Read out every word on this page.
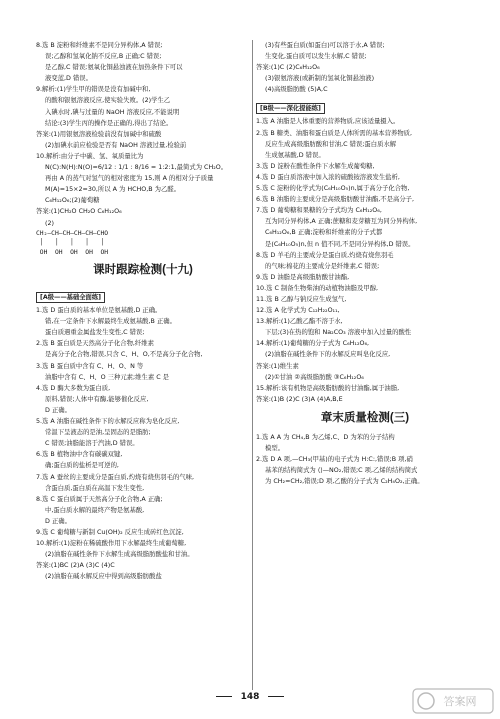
8.选 B 淀粉和纤维素不是同分异构体,A 错误;
误;乙醇和氢氧化钠不反应,B 正确;C 错误;
是乙醇,C 错误;氨氧化铜悬浊液在加热条件下可以
液变蓝,D 错误。
9.解析:(1)学生甲的错误是没有加碱中和,
的酸和银氨溶液反应,使实验失败。(2)学生乙
入碘水时,碘与过量的 NaOH 溶液反应,不能说明
结论:(3)学生丙的操作是正确的,得出了结论。
答案:(1)用银氨溶液检验前没有加碱中和硫酸
(2)加碘水前应检验是否有 NaOH 溶液过量,检验前
10.解析:由分子中碳、氢、氧质量比为
N(C):N(H):N(O)=6/12 : 1/1 : 8/16 = 1:2:1,最简式为 CH₂O。
再由 A 的蒸气对氢气的相对密度为 15,则 A 的相对分子质量
M(A)=15×2=30,所以 A 为 HCHO,B 为乙醛。
C₆H₁₂O₆;(2)葡萄糖
答案:(1)CH₂O CH₂O C₆H₁₂O₆
(2)
CH₂—CH—CH—CH—CH—CHO
│   │   │   │   │
OH  OH  OH  OH  OH
课时跟踪检测(十九)
[A级——基础全面练]
1.选 D 蛋白质的基本单位是氨基酸,D 正确。
错,在一定条件下水解最终生成氨基酸,B 正确。
蛋白质遇重金属盐发生变性,C 错误;
2.选 B 蛋白质是天然高分子化合物,纤维素
是高分子化合物,错误,只含 C、H、O,不是高分子化合物,
3.选 B 蛋白质中含有 C、H、O、N 等
油脂中含有 C、H、O 三种元素;维生素 C 是
4.选 D 酶大多数为蛋白质,
原料,错误;人体中有酶,能够催化反应,
D 正确。
5.选 A 油脂在碱性条件下的水解反应称为皂化反应,
常温下呈液态的是油,呈固态的是脂肪;
C 错误;油脂能溶于汽油,D 错误。
6.选 B 植物油中含有碳碳双键,
确;蛋白质的盐析是可逆的,
7.选 A 蚕丝的主要成分是蛋白质,灼烧有烧焦羽毛的气味,
含蛋白质,蛋白质在高温下发生变性,
8.选 C 蛋白质属于天然高分子化合物,A 正确;
中,蛋白质水解的最终产物是氨基酸,
D 正确。
9.选 C 葡萄糖与新制 Cu(OH)₂ 反应生成砖红色沉淀,
10.解析:(1)淀粉在稀硫酸作用下水解最终生成葡萄糖,
(2)油脂在碱性条件下水解生成高级脂肪酸盐和甘油。
答案:(1)BC (2)A (3)C (4)C
(2)油脂在碱水解反应中得到高级脂肪酸盐
(3)有些蛋白质(如蛋白)可以溶于水,A 错误;
生变化,蛋白质可以发生水解,C 错误;
答案:(1)C (2)C₆H₁₂O₆
(3)银氨溶液(或新制的氢氧化铜悬浊液)
(4)高级脂肪酸 (5)A,C
[B级——深化提能练]
1.选 A 油脂是人体重要的营养物质,应该适量摄入。
2.选 B 糖类、油脂和蛋白质是人体所需的基本营养物质,
反应生成高级脂肪酸和甘油,C 错误;蛋白质水解
生成氨基酸,D 错误。
3.选 D 淀粉在酸性条件下水解生成葡萄糖,
4.选 D 蛋白质溶液中加入浓的硫酸铵溶液发生盐析,
5.选 C 淀粉的化学式为(C₆H₁₀O₅)n,属于高分子化合物,
6.选 B 油脂的主要成分是高级脂肪酸甘油酯,不是高分子,
7.选 D 葡萄糖和果糖的分子式均为 C₆H₁₂O₆,
互为同分异构体,A 正确;蔗糖和麦芽糖互为同分异构体,
C₆H₁₂O₆,B 正确;淀粉和纤维素的分子式都
是(C₆H₁₀O₅)n,但 n 值不同,不是同分异构体,D 错误。
8.选 D 羊毛的主要成分是蛋白质,灼烧有烧焦羽毛
的气味;棉花的主要成分是纤维素,C 错误;
9.选 D 油脂是高级脂肪酸甘油酯,
10.选 C 制备生物柴油的动植物油脂及甲醇,
11.选 B 乙醇与钠反应生成氢气,
12.选 A 化学式为 C₁₂H₂₂O₁₁,
13.解析:(1)乙酸乙酯不溶于水,
下层;(3)在热的饱和 Na₂CO₃ 溶液中加入过量的酸性
14.解析:(1)葡萄糖的分子式为 C₆H₁₂O₆,
(2)油脂在碱性条件下的水解反应叫皂化反应,
答案:(1)维生素
(2)①甘油 ②高级脂肪酸 ③C₆H₁₂O₆
15.解析:该有机物是高级脂肪酸的甘油酯,属于油脂,
答案:(1)B (2)C (3)A (4)A,B,E
章末质量检测(三)
1.选 A A 为 CH₄,B 为乙烯,C、D 为苯的分子结构
模型。
2.选 D A 项,—CH₃(甲基)的电子式为 H:C:,错误;B 项,硝
基苯的结构简式为 ⟨⟩—NO₂,错误;C 项,乙烯的结构简式
为 CH₂=CH₂,错误;D 项,乙酸的分子式为 C₂H₄O₂,正确。
148	答案网
